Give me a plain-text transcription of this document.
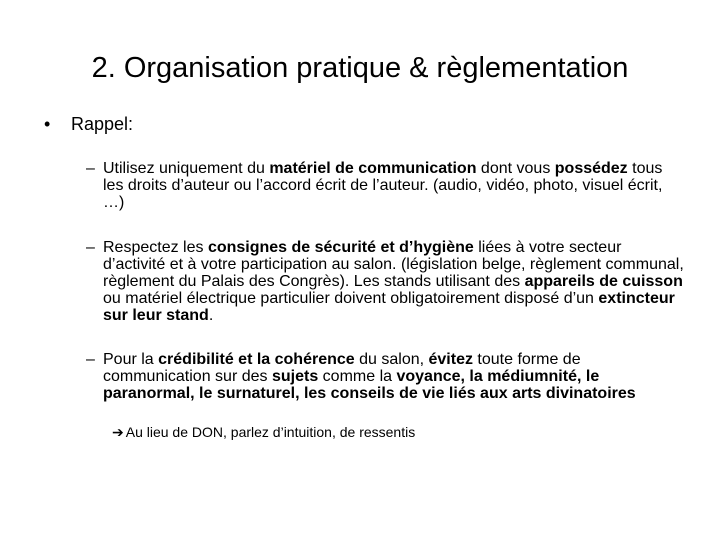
2. Organisation pratique & règlementation
• Rappel:
– Utilisez uniquement du matériel de communication dont vous possédez tous les droits d’auteur ou l’accord écrit de l’auteur. (audio, vidéo, photo, visuel écrit, …)
– Respectez les consignes de sécurité et d’hygiène liées à votre secteur d’activité et à votre participation au salon. (législation belge, règlement communal, règlement du Palais des Congrès). Les stands utilisant des appareils de cuisson ou matériel électrique particulier doivent obligatoirement disposé d’un extincteur sur leur stand.
– Pour la crédibilité et la cohérence du salon, évitez toute forme de communication sur des sujets comme la voyance, la médiumnité, le paranormal, le surnaturel, les conseils de vie liés aux arts divinatoires
➔ Au lieu de DON, parlez d’intuition, de ressentis
